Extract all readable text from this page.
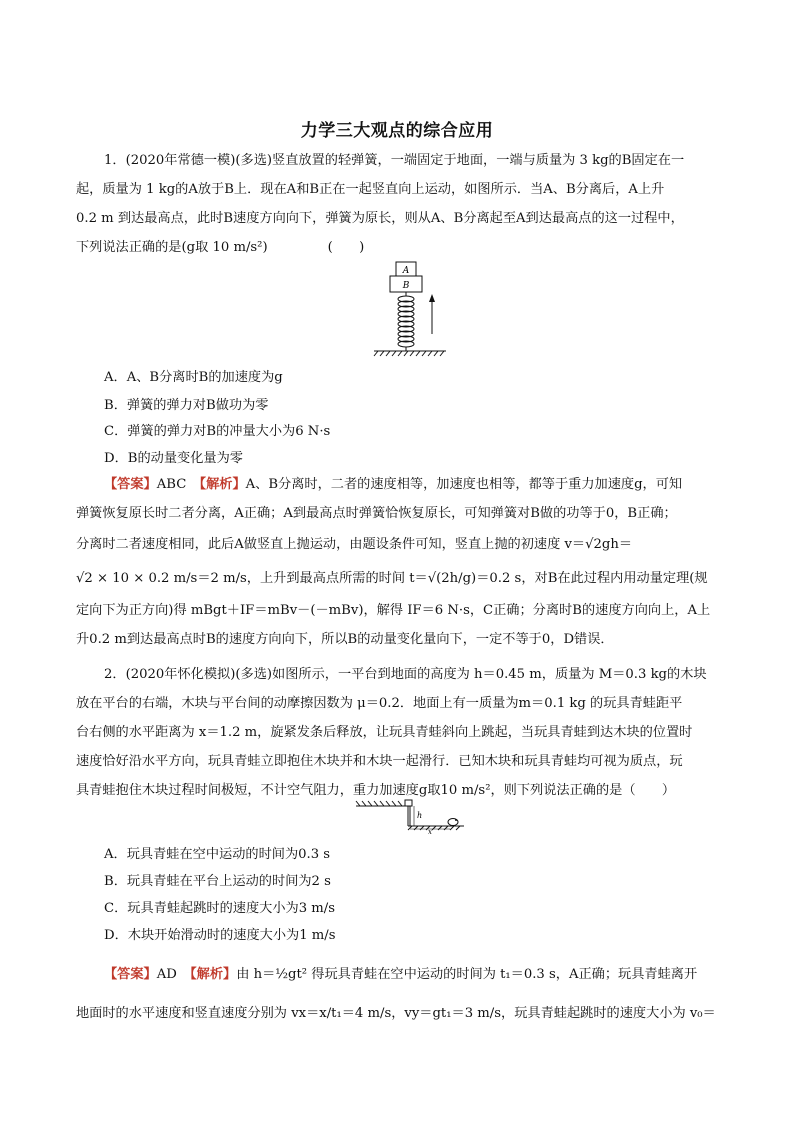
力学三大观点的综合应用
1．(2020年常德一模)(多选)竖直放置的轻弹簧，一端固定于地面，一端与质量为 3 kg的B固定在一
起，质量为 1 kg的A放于B上．现在A和B正在一起竖直向上运动，如图所示．当A、B分离后，A上升
0.2 m 到达最高点，此时B速度方向向下，弹簧为原长，则从A、B分离起至A到达最高点的这一过程中，
下列说法正确的是(g取 10 m/s²)	(　　)
A
B
A．A、B分离时B的加速度为g
B．弹簧的弹力对B做功为零
C．弹簧的弹力对B的冲量大小为6 N·s
D．B的动量变化量为零
【答案】ABC　 【解析】A、B分离时，二者的速度相等，加速度也相等，都等于重力加速度g，可知
弹簧恢复原长时二者分离，A正确；A到最高点时弹簧恰恢复原长，可知弹簧对B做的功等于0，B正确；
分离时二者速度相同，此后A做竖直上抛运动，由题设条件可知，竖直上抛的初速度 v＝√2gh＝
√2 × 10 × 0.2 m/s＝2 m/s，上升到最高点所需的时间 t＝√(2h/g)＝0.2 s，对B在此过程内用动量定理(规
定向下为正方向)得 mBgt＋IF＝mBv－(－mBv)，解得 IF＝6 N·s，C正确；分离时B的速度方向向上，A上
升0.2 m到达最高点时B的速度方向向下，所以B的动量变化量向下，一定不等于0，D错误．
2．(2020年怀化模拟)(多选)如图所示，一平台到地面的高度为 h＝0.45 m，质量为 M＝0.3 kg的木块
放在平台的右端，木块与平台间的动摩擦因数为 μ＝0.2．地面上有一质量为m＝0.1 kg 的玩具青蛙距平
台右侧的水平距离为 x＝1.2 m，旋紧发条后释放，让玩具青蛙斜向上跳起，当玩具青蛙到达木块的位置时
速度恰好沿水平方向，玩具青蛙立即抱住木块并和木块一起滑行．已知木块和玩具青蛙均可视为质点，玩
具青蛙抱住木块过程时间极短，不计空气阻力，重力加速度g取10 m/s²，则下列说法正确的是（　　）
h
x
A．玩具青蛙在空中运动的时间为0.3 s
B．玩具青蛙在平台上运动的时间为2 s
C．玩具青蛙起跳时的速度大小为3 m/s
D．木块开始滑动时的速度大小为1 m/s
【答案】AD　 【解析】由 h＝½gt² 得玩具青蛙在空中运动的时间为 t₁＝0.3 s，A正确；玩具青蛙离开
地面时的水平速度和竖直速度分别为 vx＝x/t₁＝4 m/s，vy＝gt₁＝3 m/s，玩具青蛙起跳时的速度大小为 v₀＝
